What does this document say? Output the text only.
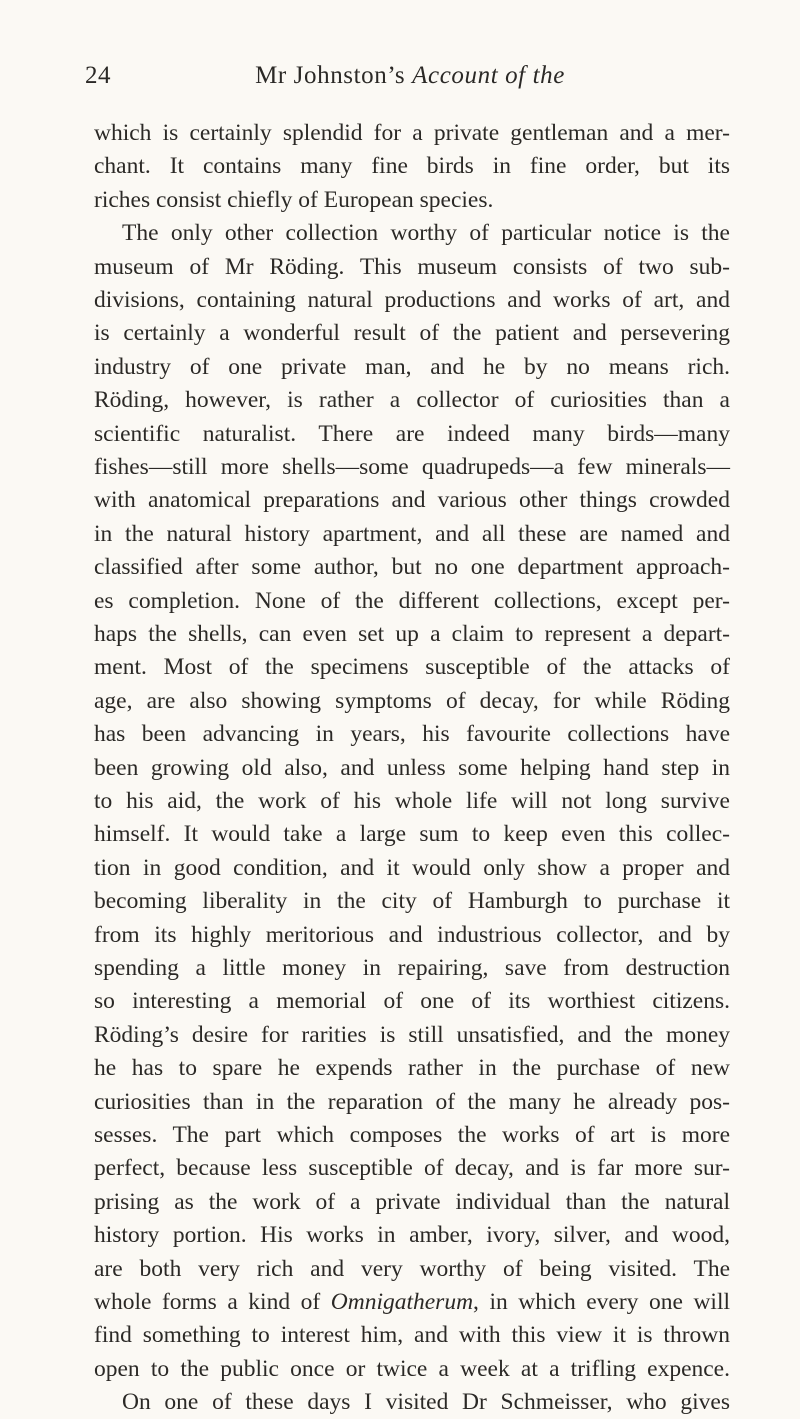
24	Mr Johnston’s Account of the
which is certainly splendid for a private gentleman and a mer-
chant. It contains many fine birds in fine order, but its
riches consist chiefly of European species.
The only other collection worthy of particular notice is the
museum of Mr Röding. This museum consists of two sub-
divisions, containing natural productions and works of art, and
is certainly a wonderful result of the patient and persevering
industry of one private man, and he by no means rich.
Röding, however, is rather a collector of curiosities than a
scientific naturalist. There are indeed many birds—many
fishes—still more shells—some quadrupeds—a few minerals—
with anatomical preparations and various other things crowded
in the natural history apartment, and all these are named and
classified after some author, but no one department approach-
es completion. None of the different collections, except per-
haps the shells, can even set up a claim to represent a depart-
ment. Most of the specimens susceptible of the attacks of
age, are also showing symptoms of decay, for while Röding
has been advancing in years, his favourite collections have
been growing old also, and unless some helping hand step in
to his aid, the work of his whole life will not long survive
himself. It would take a large sum to keep even this collec-
tion in good condition, and it would only show a proper and
becoming liberality in the city of Hamburgh to purchase it
from its highly meritorious and industrious collector, and by
spending a little money in repairing, save from destruction
so interesting a memorial of one of its worthiest citizens.
Röding’s desire for rarities is still unsatisfied, and the money
he has to spare he expends rather in the purchase of new
curiosities than in the reparation of the many he already pos-
sesses. The part which composes the works of art is more
perfect, because less susceptible of decay, and is far more sur-
prising as the work of a private individual than the natural
history portion. His works in amber, ivory, silver, and wood,
are both very rich and very worthy of being visited. The
whole forms a kind of Omnigatherum, in which every one will
find something to interest him, and with this view it is thrown
open to the public once or twice a week at a trifling expence.
On one of these days I visited Dr Schmeisser, who gives
